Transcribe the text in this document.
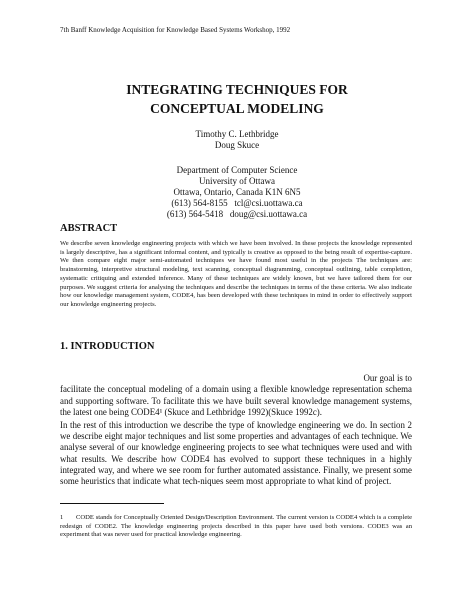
7th Banff Knowledge Acquisition for Knowledge Based Systems Workshop, 1992
INTEGRATING TECHNIQUES FOR
CONCEPTUAL MODELING
Timothy C. Lethbridge
Doug Skuce
Department of Computer Science
University of Ottawa
Ottawa, Ontario, Canada K1N 6N5
(613) 564-8155   tcl@csi.uottawa.ca
(613) 564-5418   doug@csi.uottawa.ca
ABSTRACT

We describe seven knowledge engineering projects with which we have been involved. In these projects the knowledge represented is largely descriptive, has a significant informal content, and typically is creative as opposed to the being result of expertise-capture. We then compare eight major semi-automated techniques we have found most useful in the projects The techniques are: brainstorming, interpretive structural modeling, text scanning, conceptual diagramming, conceptual outlining, table completion, systematic critiquing and extended inference. Many of these techniques are widely known, but we have tailored them for our purposes. We suggest criteria for analysing the techniques and describe the techniques in terms of the these criteria. We also indicate how our knowledge management system, CODE4, has been developed with these techniques in mind in order to effectively support our knowledge engineering projects.

1. INTRODUCTION
Our goal is to
facilitate the conceptual modeling of a domain using a flexible knowledge representation schema and supporting software. To facilitate this we have built several knowledge management systems, the latest one being CODE4¹ (Skuce and Lethbridge 1992)(Skuce 1992c).

In the rest of this introduction we describe the type of knowledge engineering we do. In section 2 we describe eight major techniques and list some properties and advantages of each technique. We analyse several of our knowledge engineering projects to see what techniques were used and with what results. We describe how CODE4 has evolved to support these techniques in a highly integrated way, and where we see room for further automated assistance. Finally, we present some some heuristics that indicate what tech-niques seem most appropriate to what kind of project.

1 CODE stands for Conceptually Oriented Design/Description Environment. The current version is CODE4 which is a complete redesign of CODE2. The knowledge engineering projects described in this paper have used both versions. CODE3 was an experiment that was never used for practical knowledge engineering.
